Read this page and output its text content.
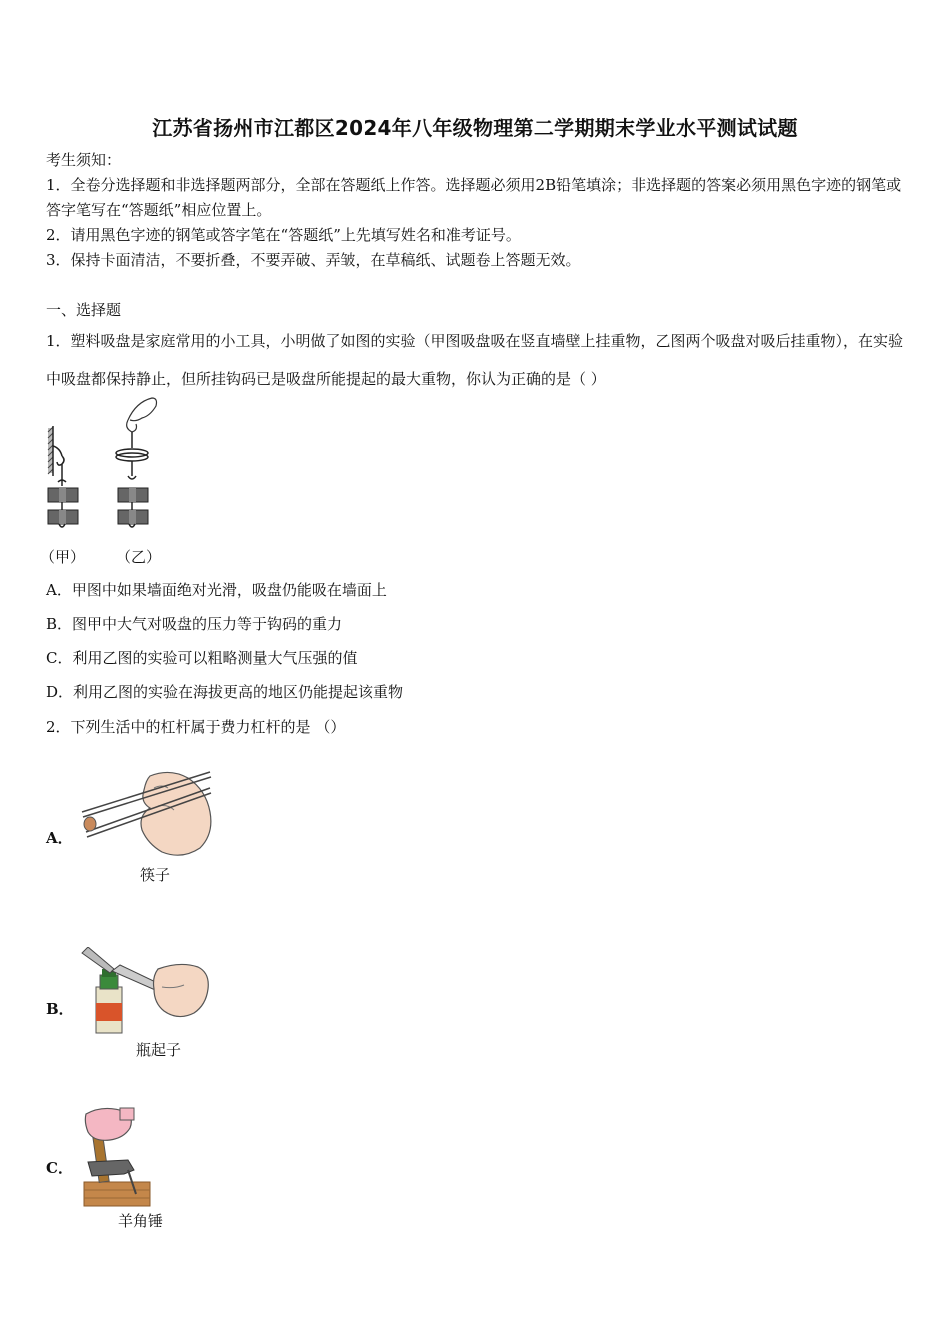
江苏省扬州市江都区2024年八年级物理第二学期期末学业水平测试试题
考生须知：
1．全卷分选择题和非选择题两部分，全部在答题纸上作答。选择题必须用2B铅笔填涂；非选择题的答案必须用黑色字迹的钢笔或答字笔写在“答题纸”相应位置上。
2．请用黑色字迹的钢笔或答字笔在“答题纸”上先填写姓名和准考证号。
3．保持卡面清洁，不要折叠，不要弄破、弄皱，在草稿纸、试题卷上答题无效。
一、选择题
1．塑料吸盘是家庭常用的小工具，小明做了如图的实验（甲图吸盘吸在竖直墙壁上挂重物，乙图两个吸盘对吸后挂重物），在实验中吸盘都保持静止，但所挂钩码已是吸盘所能提起的最大重物，你认为正确的是（ ）
（甲） （乙）
A．甲图中如果墙面绝对光滑，吸盘仍能吸在墙面上
B．图甲中大气对吸盘的压力等于钩码的重力
C．利用乙图的实验可以粗略测量大气压强的值
D．利用乙图的实验在海拔更高的地区仍能提起该重物
2．下列生活中的杠杆属于费力杠杆的是 （）
A．
筷子
B．
瓶起子
C．
羊角锤
